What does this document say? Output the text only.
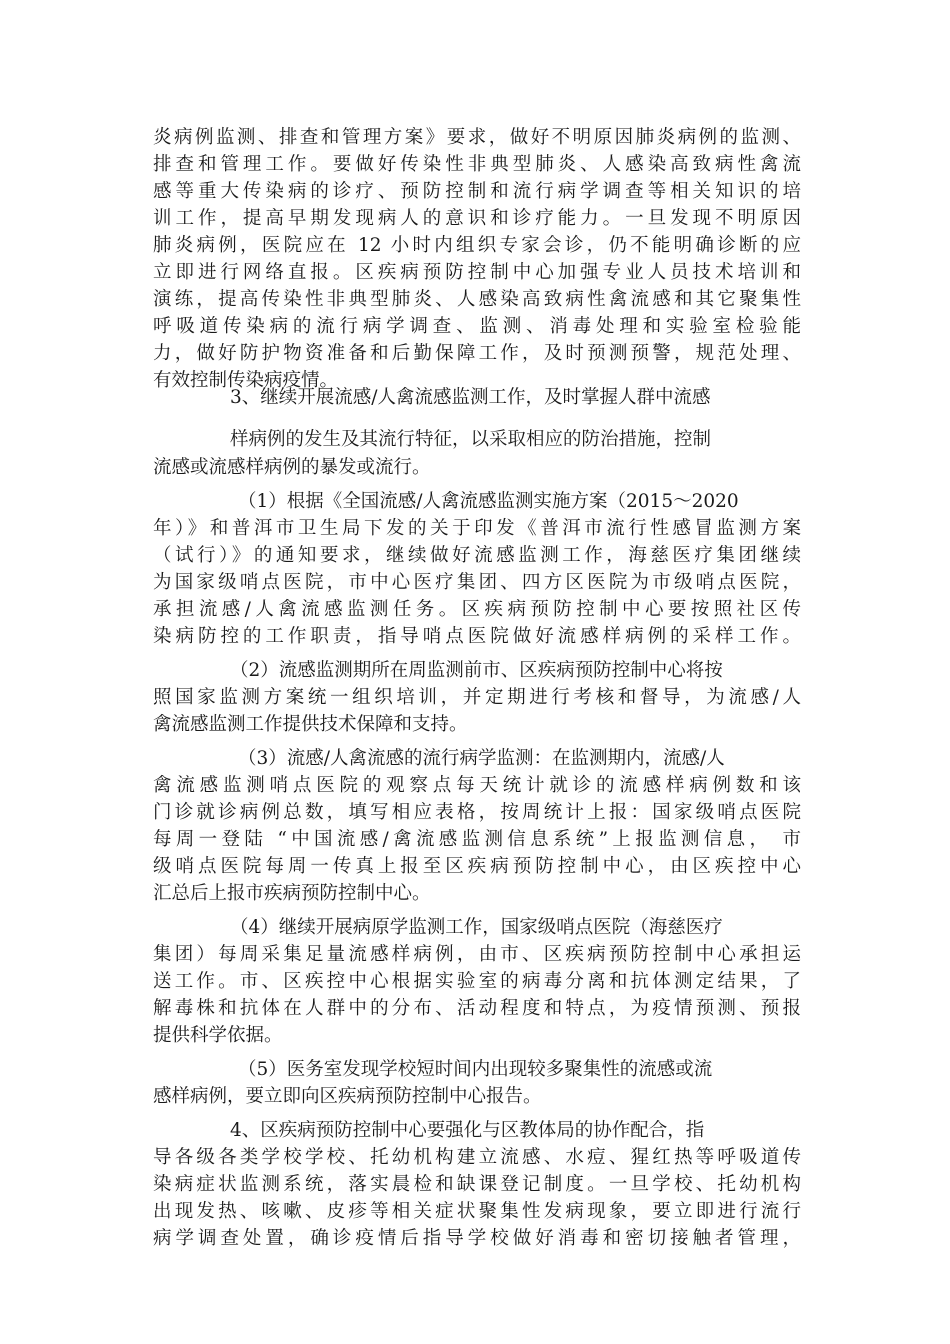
炎病例监测、排查和管理方案》要求，做好不明原因肺炎病例的监测、
排查和管理工作。要做好传染性非典型肺炎、人感染高致病性禽流
感等重大传染病的诊疗、预防控制和流行病学调查等相关知识的培
训工作，提高早期发现病人的意识和诊疗能力。一旦发现不明原因
肺炎病例，医院应在 12 小时内组织专家会诊，仍不能明确诊断的应
立即进行网络直报。区疾病预防控制中心加强专业人员技术培训和
演练，提高传染性非典型肺炎、人感染高致病性禽流感和其它聚集性
呼吸道传染病的流行病学调查、监测、消毒处理和实验室检验能
力，做好防护物资准备和后勤保障工作，及时预测预警，规范处理、
有效控制传染病疫情。
3、继续开展流感/人禽流感监测工作，及时掌握人群中流感
样病例的发生及其流行特征，以采取相应的防治措施，控制
流感或流感样病例的暴发或流行。
（1）根据《全国流感/人禽流感监测实施方案（2015～2020
年）》和普洱市卫生局下发的关于印发《普洱市流行性感冒监测方案
（试行）》的通知要求，继续做好流感监测工作，海慈医疗集团继续
为国家级哨点医院，市中心医疗集团、四方区医院为市级哨点医院，
承担流感/人禽流感监测任务。区疾病预防控制中心要按照社区传
染病防控的工作职责，指导哨点医院做好流感样病例的采样工作。
（2）流感监测期所在周监测前市、区疾病预防控制中心将按
照国家监测方案统一组织培训，并定期进行考核和督导，为流感/人
禽流感监测工作提供技术保障和支持。
（3）流感/人禽流感的流行病学监测：在监测期内，流感/人
禽流感监测哨点医院的观察点每天统计就诊的流感样病例数和该
门诊就诊病例总数，填写相应表格，按周统计上报：国家级哨点医院
每周一登陆 “中国流感/禽流感监测信息系统”上报监测信息， 市
级哨点医院每周一传真上报至区疾病预防控制中心，由区疾控中心
汇总后上报市疾病预防控制中心。
（4）继续开展病原学监测工作，国家级哨点医院（海慈医疗
集团）每周采集足量流感样病例，由市、区疾病预防控制中心承担运
送工作。市、区疾控中心根据实验室的病毒分离和抗体测定结果，了
解毒株和抗体在人群中的分布、活动程度和特点，为疫情预测、预报
提供科学依据。
（5）医务室发现学校短时间内出现较多聚集性的流感或流
感样病例，要立即向区疾病预防控制中心报告。
4、区疾病预防控制中心要强化与区教体局的协作配合，指
导各级各类学校学校、托幼机构建立流感、水痘、猩红热等呼吸道传
染病症状监测系统，落实晨检和缺课登记制度。一旦学校、托幼机构
出现发热、咳嗽、皮疹等相关症状聚集性发病现象，要立即进行流行
病学调查处置，确诊疫情后指导学校做好消毒和密切接触者管理，
